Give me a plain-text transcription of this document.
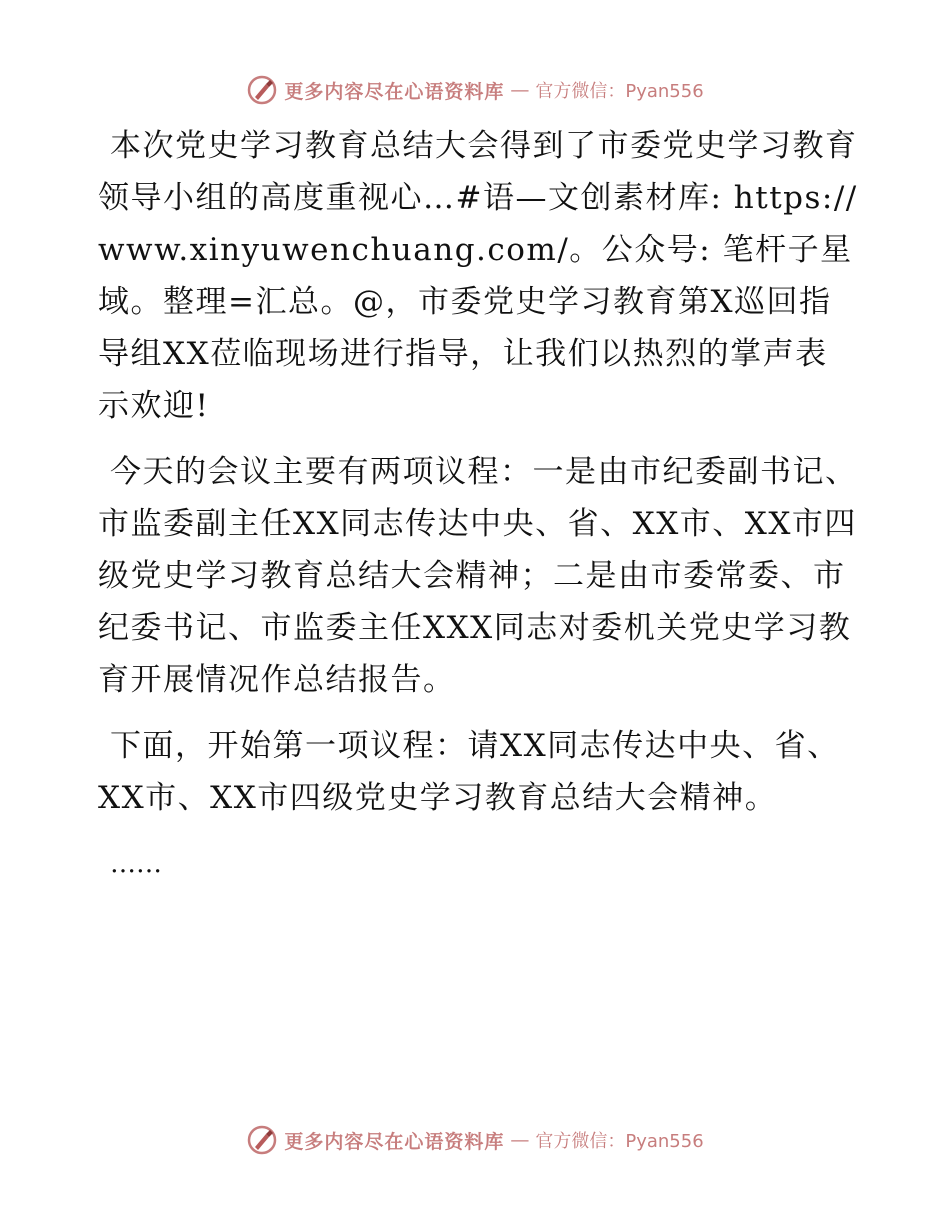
更多内容尽在心语资料库 — 官方微信：Pyan556

本次党史学习教育总结大会得到了市委党史学习教育领导小组的高度重视心…#语—文创素材库: https://www.xinyuwenchuang.com/。公众号: 笔杆子星域。整理=汇总。@，市委党史学习教育第X巡回指导组XX莅临现场进行指导，让我们以热烈的掌声表示欢迎!

今天的会议主要有两项议程：一是由市纪委副书记、市监委副主任XX同志传达中央、省、XX市、XX市四级党史学习教育总结大会精神；二是由市委常委、市纪委书记、市监委主任XXX同志对委机关党史学习教育开展情况作总结报告。

下面，开始第一项议程：请XX同志传达中央、省、XX市、XX市四级党史学习教育总结大会精神。

……

更多内容尽在心语资料库 — 官方微信：Pyan556
